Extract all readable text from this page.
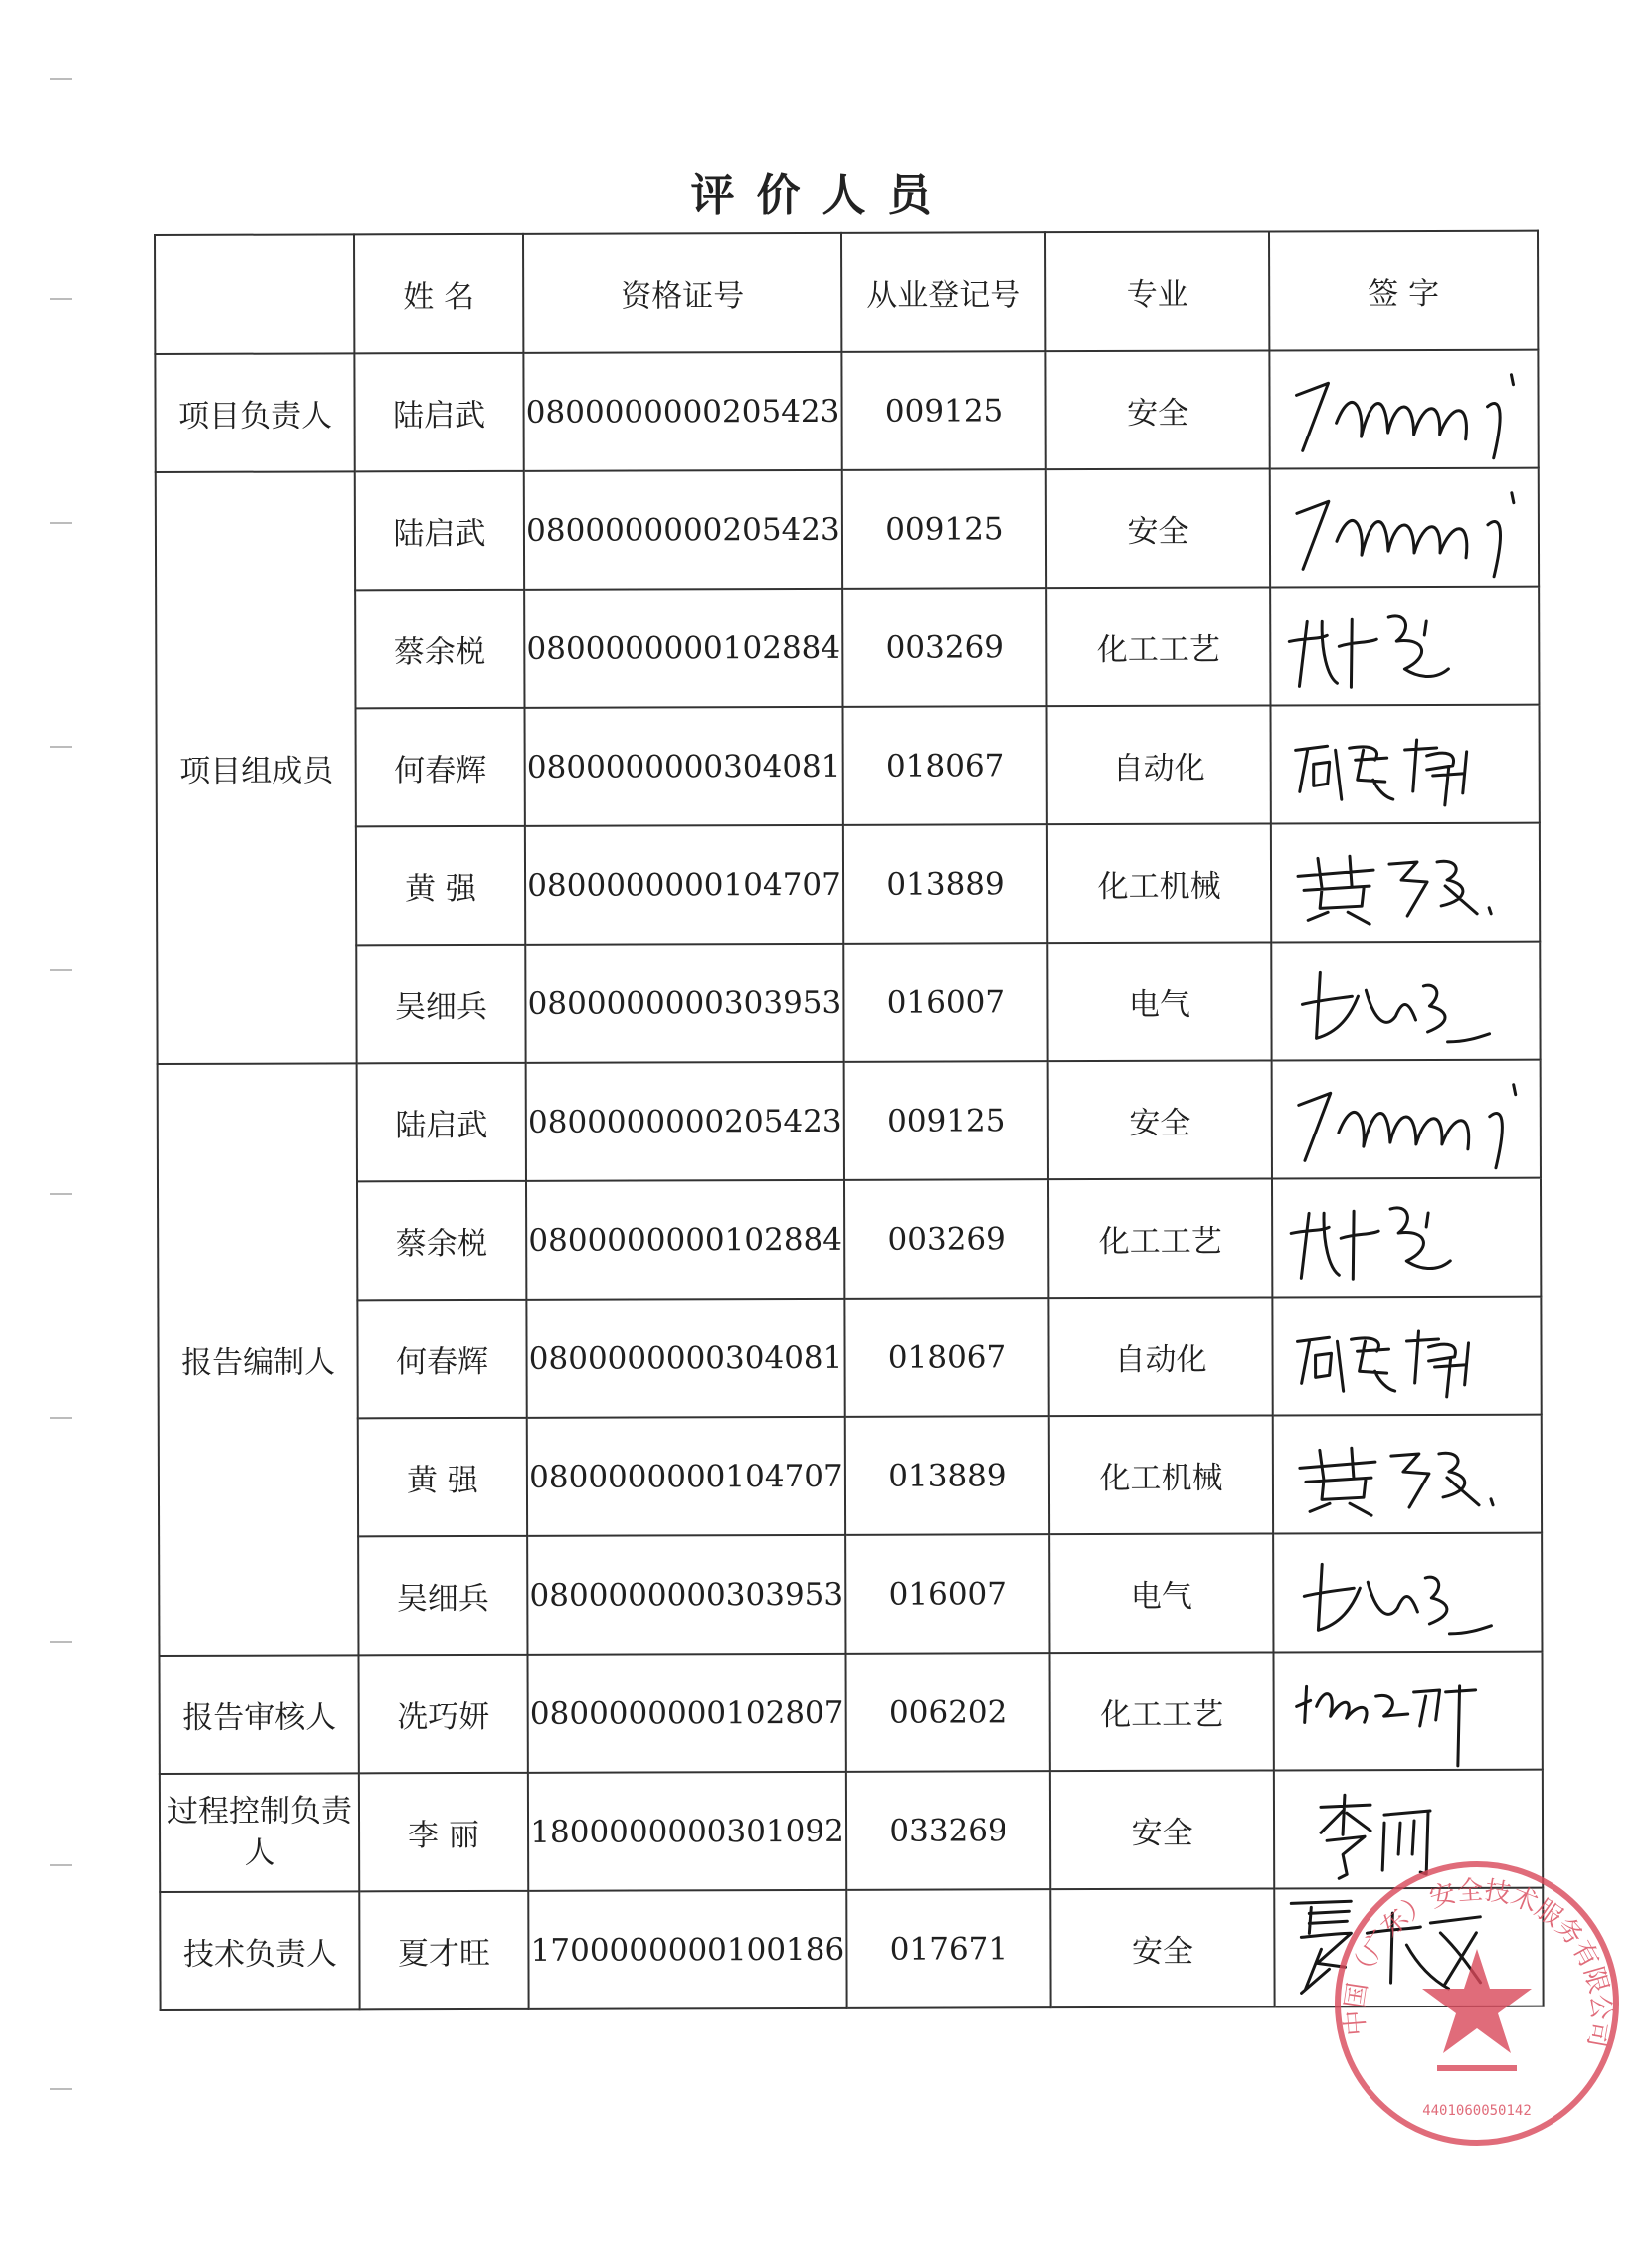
评价人员
	姓 名	资格证号	从业登记号	专业	签 字
项目负责人	陆启武	0800000000205423	009125	安全	

项目组成员	陆启武	0800000000205423	009125	安全	

	蔡余棁	0800000000102884	003269	化工工艺	

	何春辉	0800000000304081	018067	自动化	

	黄 强	0800000000104707	013889	化工机械	

	吴细兵	0800000000303953	016007	电气	

报告编制人	陆启武	0800000000205423	009125	安全	

	蔡余棁	0800000000102884	003269	化工工艺	

	何春辉	0800000000304081	018067	自动化	

	黄 强	0800000000104707	013889	化工机械	

	吴细兵	0800000000303953	016007	电气	

报告审核人	冼巧妍	0800000000102807	006202	化工工艺	

过程控制负责人	李 丽	1800000000301092	033269	安全	

技术负责人	夏才旺	1700000000100186	017671	安全	
中国（广东）安全技术服务有限公司
4401060050142
